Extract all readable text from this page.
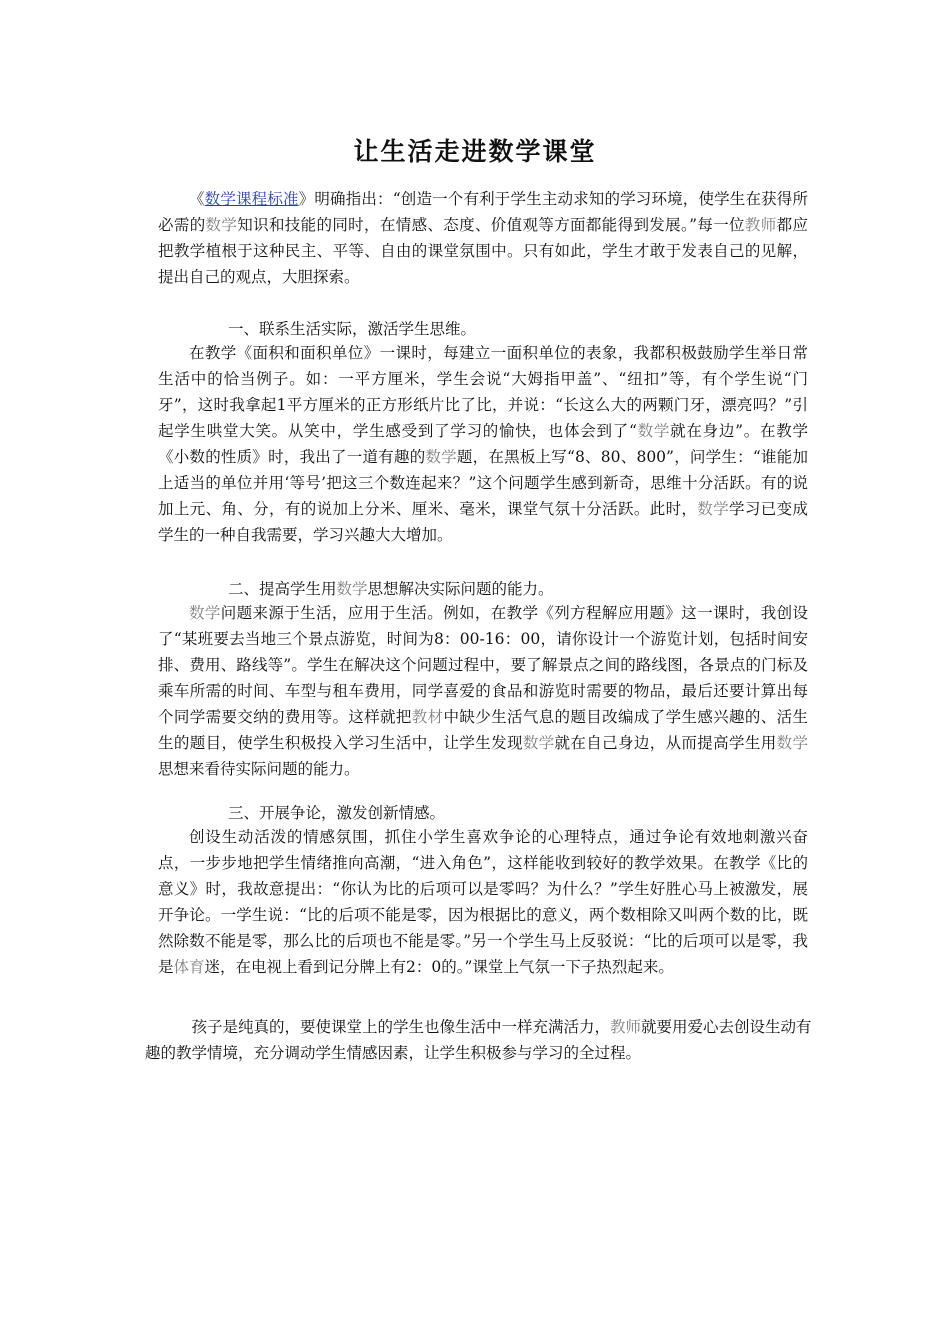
让生活走进数学课堂

《数学课程标准》明确指出：“创造一个有利于学生主动求知的学习环境，使学生在获得所必需的数学知识和技能的同时，在情感、态度、价值观等方面都能得到发展。”每一位教师都应把教学植根于这种民主、平等、自由的课堂氛围中。只有如此，学生才敢于发表自己的见解，提出自己的观点，大胆探索。

一、联系生活实际，激活学生思维。

在教学《面积和面积单位》一课时，每建立一面积单位的表象，我都积极鼓励学生举日常生活中的恰当例子。如：一平方厘米，学生会说“大姆指甲盖”、“纽扣”等，有个学生说“门牙”，这时我拿起1平方厘米的正方形纸片比了比，并说：“长这么大的两颗门牙，漂亮吗？”引起学生哄堂大笑。从笑中，学生感受到了学习的愉快，也体会到了“数学就在身边”。在教学《小数的性质》时，我出了一道有趣的数学题，在黑板上写“8、80、800”，问学生：“谁能加上适当的单位并用‘等号’把这三个数连起来？”这个问题学生感到新奇，思维十分活跃。有的说加上元、角、分，有的说加上分米、厘米、毫米，课堂气氛十分活跃。此时，数学学习已变成学生的一种自我需要，学习兴趣大大增加。

二、提高学生用数学思想解决实际问题的能力。

数学问题来源于生活，应用于生活。例如，在教学《列方程解应用题》这一课时，我创设了“某班要去当地三个景点游览，时间为8：00-16：00，请你设计一个游览计划，包括时间安排、费用、路线等”。学生在解决这个问题过程中，要了解景点之间的路线图，各景点的门标及乘车所需的时间、车型与租车费用，同学喜爱的食品和游览时需要的物品，最后还要计算出每个同学需要交纳的费用等。这样就把教材中缺少生活气息的题目改编成了学生感兴趣的、活生生的题目，使学生积极投入学习生活中，让学生发现数学就在自己身边，从而提高学生用数学思想来看待实际问题的能力。

三、开展争论，激发创新情感。

创设生动活泼的情感氛围，抓住小学生喜欢争论的心理特点，通过争论有效地刺激兴奋点，一步步地把学生情绪推向高潮，“进入角色”，这样能收到较好的教学效果。在教学《比的意义》时，我故意提出：“你认为比的后项可以是零吗？为什么？”学生好胜心马上被激发，展开争论。一学生说：“比的后项不能是零，因为根据比的意义，两个数相除又叫两个数的比，既然除数不能是零，那么比的后项也不能是零。”另一个学生马上反驳说：“比的后项可以是零，我是体育迷，在电视上看到记分牌上有2：0的。”课堂上气氛一下子热烈起来。

孩子是纯真的，要使课堂上的学生也像生活中一样充满活力，教师就要用爱心去创设生动有趣的教学情境，充分调动学生情感因素，让学生积极参与学习的全过程。
